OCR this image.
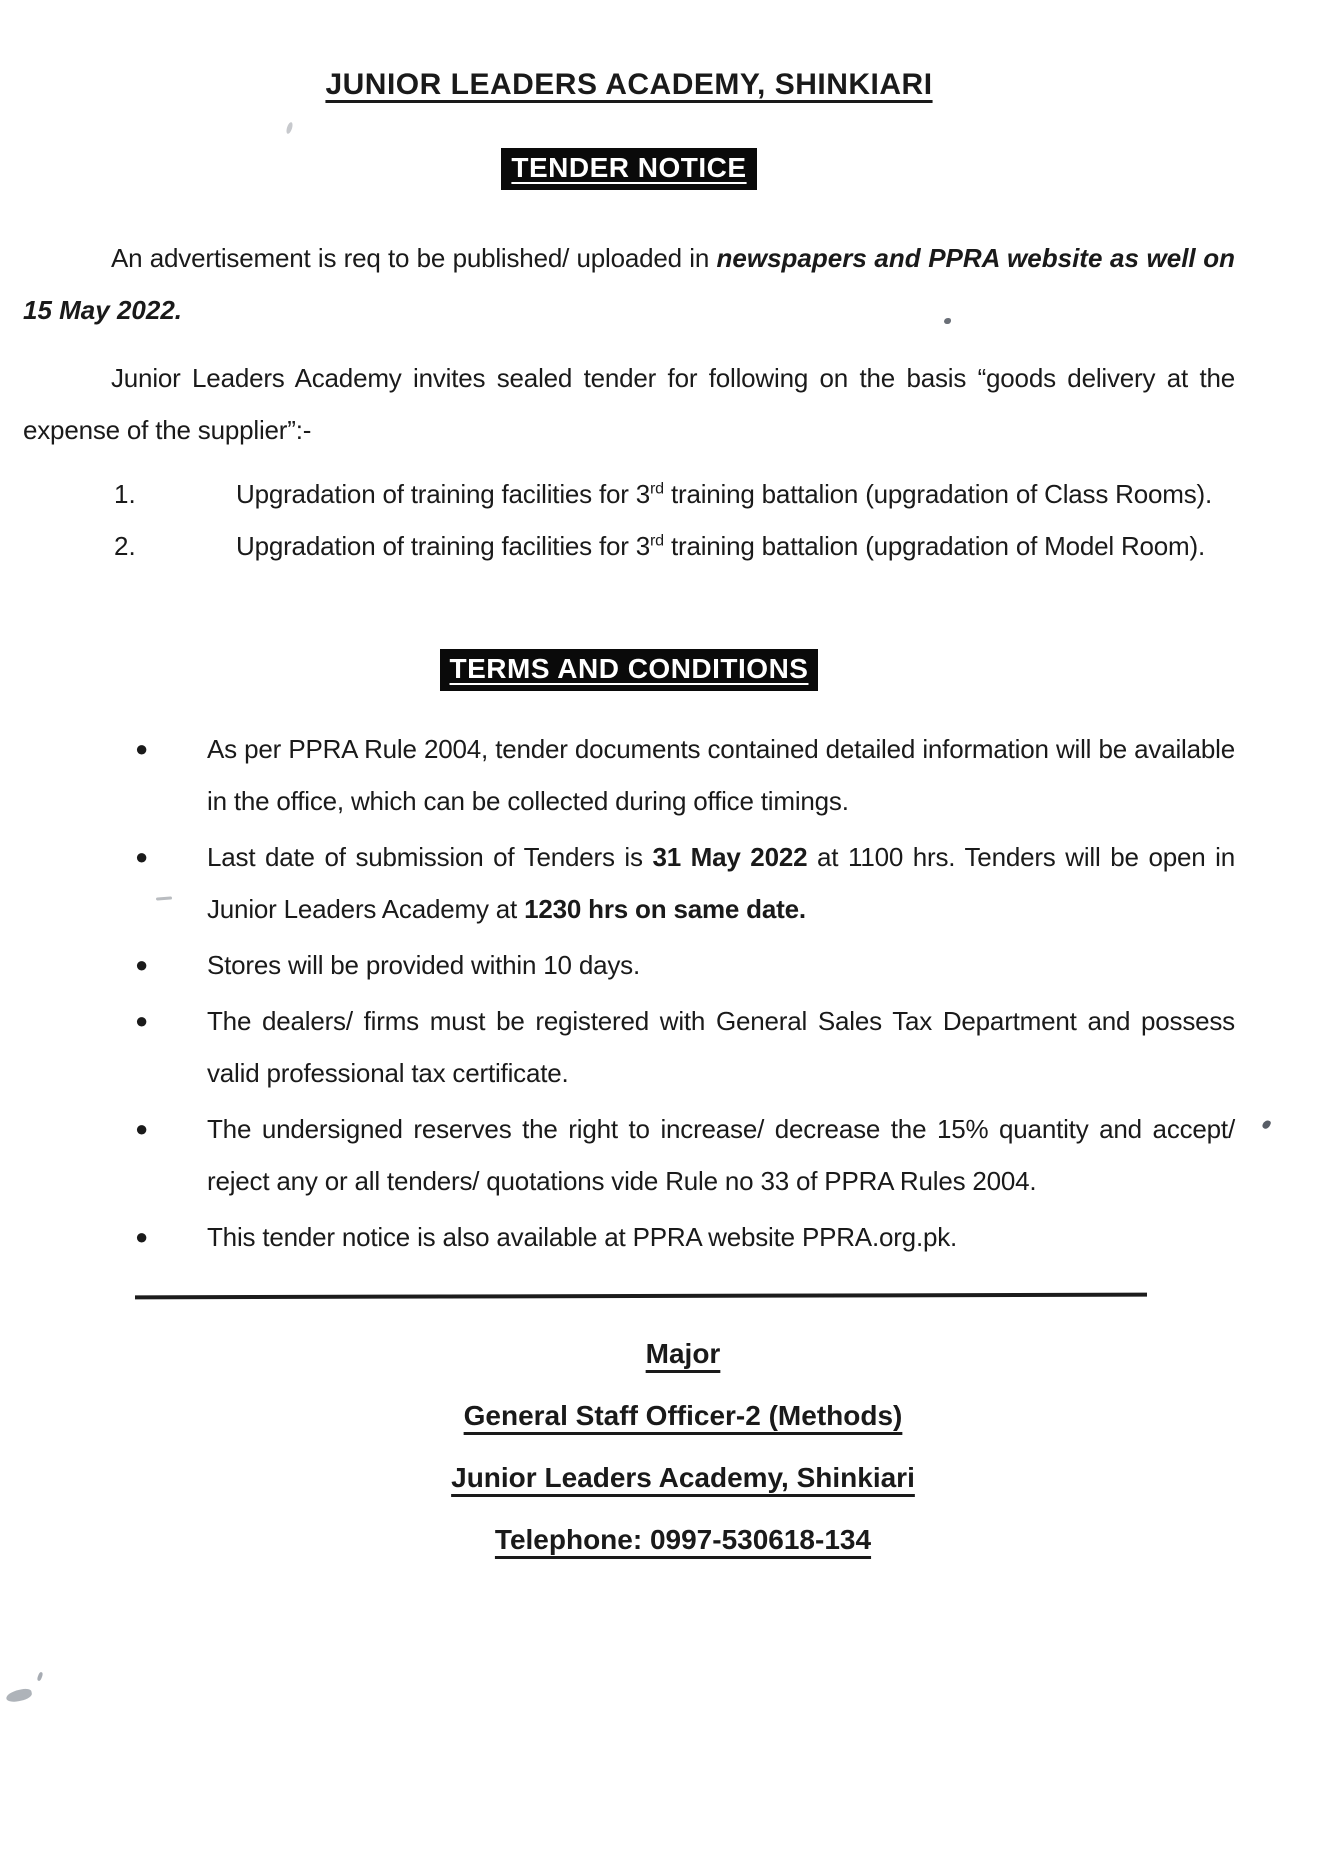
JUNIOR LEADERS ACADEMY, SHINKIARI
TENDER NOTICE

An advertisement is req to be published/ uploaded in newspapers and PPRA website as well on 15 May 2022.

Junior Leaders Academy invites sealed tender for following on the basis “goods delivery at the expense of the supplier”:-

1.	Upgradation of training facilities for 3rd training battalion (upgradation of Class Rooms).
2.	Upgradation of training facilities for 3rd training battalion (upgradation of Model Room).
TERMS AND CONDITIONS
●	As per PPRA Rule 2004, tender documents contained detailed information will be available in the office, which can be collected during office timings.
●	Last date of submission of Tenders is 31 May 2022 at 1100 hrs. Tenders will be open in Junior Leaders Academy at 1230 hrs on same date.
●	Stores will be provided within 10 days.
●	The dealers/ firms must be registered with General Sales Tax Department and possess valid professional tax certificate.
●	The undersigned reserves the right to increase/ decrease the 15% quantity and accept/ reject any or all tenders/ quotations vide Rule no 33 of PPRA Rules 2004.
●	This tender notice is also available at PPRA website PPRA.org.pk.

Major

General Staff Officer-2 (Methods)

Junior Leaders Academy, Shinkiari

Telephone: 0997-530618-134
